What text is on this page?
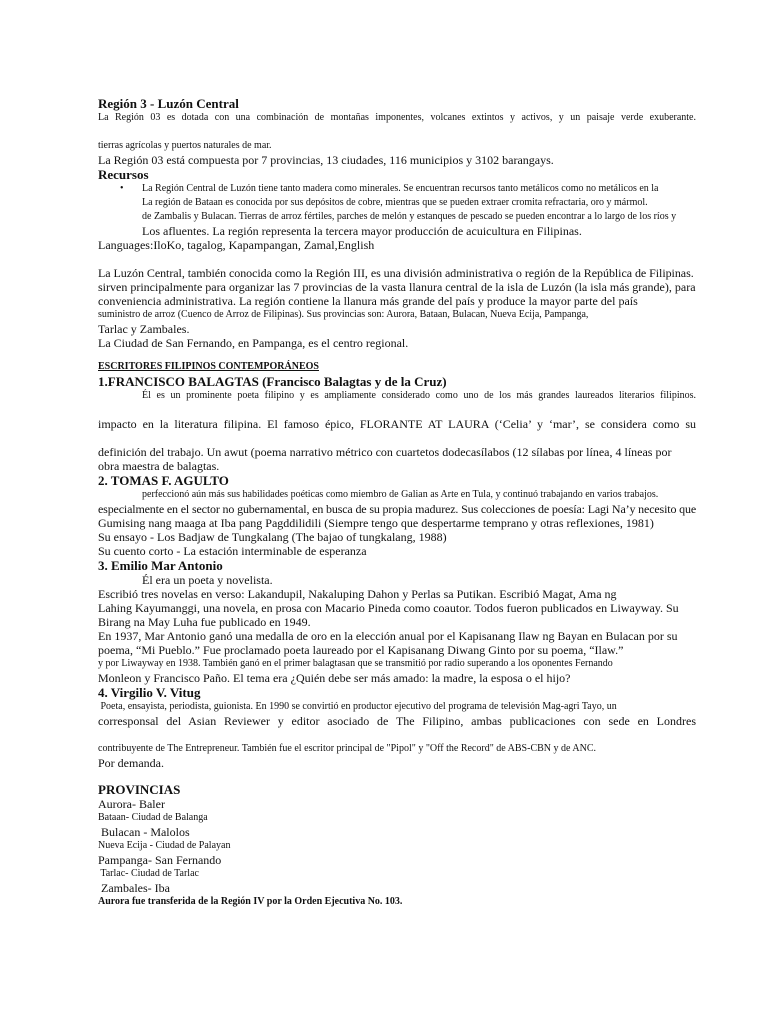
Región 3 - Luzón Central

La Región 03 es dotada con una combinación de montañas imponentes, volcanes extintos y activos, y un paisaje verde exuberante.

tierras agrícolas y puertos naturales de mar.

La Región 03 está compuesta por 7 provincias, 13 ciudades, 116 municipios y 3102 barangays.

Recursos

• La Región Central de Luzón tiene tanto madera como minerales. Se encuentran recursos tanto metálicos como no metálicos en la

La región de Bataan es conocida por sus depósitos de cobre, mientras que se pueden extraer cromita refractaria, oro y mármol.

de Zambalis y Bulacan. Tierras de arroz fértiles, parches de melón y estanques de pescado se pueden encontrar a lo largo de los ríos y

Los afluentes. La región representa la tercera mayor producción de acuicultura en Filipinas.

Languages:IloKo, tagalog, Kapampangan, Zamal,English

La Luzón Central, también conocida como la Región III, es una división administrativa o región de la República de Filipinas.

sirven principalmente para organizar las 7 provincias de la vasta llanura central de la isla de Luzón (la isla más grande), para

conveniencia administrativa. La región contiene la llanura más grande del país y produce la mayor parte del país

suministro de arroz (Cuenco de Arroz de Filipinas). Sus provincias son: Aurora, Bataan, Bulacan, Nueva Ecija, Pampanga,

Tarlac y Zambales.

La Ciudad de San Fernando, en Pampanga, es el centro regional.

ESCRITORES FILIPINOS CONTEMPORÁNEOS

1.FRANCISCO BALAGTAS (Francisco Balagtas y de la Cruz)

Él es un prominente poeta filipino y es ampliamente considerado como uno de los más grandes laureados literarios filipinos.

impacto en la literatura filipina. El famoso épico, FLORANTE AT LAURA (‘Celia’ y ‘mar’, se considera como su

definición del trabajo. Un awut (poema narrativo métrico con cuartetos dodecasílabos (12 sílabas por línea, 4 líneas por

obra maestra de balagtas.

2. TOMAS F. AGULTO

perfeccionó aún más sus habilidades poéticas como miembro de Galian as Arte en Tula, y continuó trabajando en varios trabajos.

especialmente en el sector no gubernamental, en busca de su propia madurez. Sus colecciones de poesía: Lagi Na’y necesito que

Gumising nang maaga at Iba pang Pagddilidili (Siempre tengo que despertarme temprano y otras reflexiones, 1981)

Su ensayo - Los Badjaw de Tungkalang (The bajao of tungkalang, 1988)

Su cuento corto - La estación interminable de esperanza

3. Emilio Mar Antonio

Él era un poeta y novelista.

Escribió tres novelas en verso: Lakandupil, Nakaluping Dahon y Perlas sa Putikan. Escribió Magat, Ama ng

Lahing Kayumanggi, una novela, en prosa con Macario Pineda como coautor. Todos fueron publicados en Liwayway. Su

Birang na May Luha fue publicado en 1949.

En 1937, Mar Antonio ganó una medalla de oro en la elección anual por el Kapisanang Ilaw ng Bayan en Bulacan por su

poema, “Mi Pueblo.” Fue proclamado poeta laureado por el Kapisanang Diwang Ginto por su poema, “Ilaw.”

y por Liwayway en 1938. También ganó en el primer balagtasan que se transmitió por radio superando a los oponentes Fernando

Monleon y Francisco Paño. El tema era ¿Quién debe ser más amado: la madre, la esposa o el hijo?

4. Virgilio V. Vitug

Poeta, ensayista, periodista, guionista. En 1990 se convirtió en productor ejecutivo del programa de televisión Mag-agri Tayo, un

corresponsal del Asian Reviewer y editor asociado de The Filipino, ambas publicaciones con sede en Londres

contribuyente de The Entrepreneur. También fue el escritor principal de "Pipol" y "Off the Record" de ABS-CBN y de ANC.

Por demanda.

PROVINCIAS

Aurora- Baler

Bataan- Ciudad de Balanga

Bulacan - Malolos

Nueva Ecija - Ciudad de Palayan

Pampanga- San Fernando

Tarlac- Ciudad de Tarlac

Zambales- Iba

Aurora fue transferida de la Región IV por la Orden Ejecutiva No. 103.
